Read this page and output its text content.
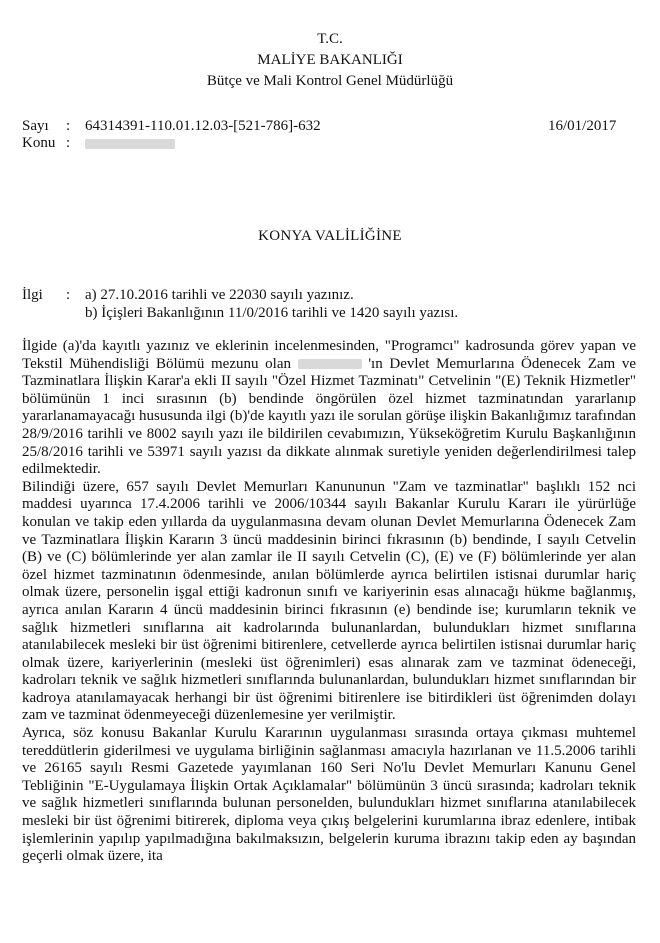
T.C.
MALİYE BAKANLIĞI
Bütçe ve Mali Kontrol Genel Müdürlüğü
Sayı : 64314391-110.01.12.03-[521-786]-632	16/01/2017
Konu :
KONYA VALİLİĞİNE
İlgi : a) 27.10.2016 tarihli ve 22030 sayılı yazınız.
b) İçişleri Bakanlığının 11/0/2016 tarihli ve 1420 sayılı yazısı.

İlgide (a)'da kayıtlı yazınız ve eklerinin incelenmesinden, "Programcı" kadrosunda görev yapan ve Tekstil Mühendisliği Bölümü mezunu olan	'ın Devlet Memurlarına Ödenecek Zam ve Tazminatlara İlişkin Karar'a ekli II sayılı "Özel Hizmet Tazminatı" Cetvelinin "(E) Teknik Hizmetler" bölümünün 1 inci sırasının (b) bendinde öngörülen özel hizmet tazminatından yararlanıp yararlanamayacağı hususunda ilgi (b)'de kayıtlı yazı ile sorulan görüşe ilişkin Bakanlığımız tarafından 28/9/2016 tarihli ve 8002 sayılı yazı ile bildirilen cevabımızın, Yükseköğretim Kurulu Başkanlığının 25/8/2016 tarihli ve 53971 sayılı yazısı da dikkate alınmak suretiyle yeniden değerlendirilmesi talep edilmektedir.

Bilindiği üzere, 657 sayılı Devlet Memurları Kanununun "Zam ve tazminatlar" başlıklı 152 nci maddesi uyarınca 17.4.2006 tarihli ve 2006/10344 sayılı Bakanlar Kurulu Kararı ile yürürlüğe konulan ve takip eden yıllarda da uygulanmasına devam olunan Devlet Memurlarına Ödenecek Zam ve Tazminatlara İlişkin Kararın 3 üncü maddesinin birinci fıkrasının (b) bendinde, I sayılı Cetvelin (B) ve (C) bölümlerinde yer alan zamlar ile II sayılı Cetvelin (C), (E) ve (F) bölümlerinde yer alan özel hizmet tazminatının ödenmesinde, anılan bölümlerde ayrıca belirtilen istisnai durumlar hariç olmak üzere, personelin işgal ettiği kadronun sınıfı ve kariyerinin esas alınacağı hükme bağlanmış, ayrıca anılan Kararın 4 üncü maddesinin birinci fıkrasının (e) bendinde ise; kurumların teknik ve sağlık hizmetleri sınıflarına ait kadrolarında bulunanlardan, bulundukları hizmet sınıflarına atanılabilecek mesleki bir üst öğrenimi bitirenlere, cetvellerde ayrıca belirtilen istisnai durumlar hariç olmak üzere, kariyerlerinin (mesleki üst öğrenimleri) esas alınarak zam ve tazminat ödeneceği, kadroları teknik ve sağlık hizmetleri sınıflarında bulunanlardan, bulundukları hizmet sınıflarından bir kadroya atanılamayacak herhangi bir üst öğrenimi bitirenlere ise bitirdikleri üst öğrenimden dolayı zam ve tazminat ödenmeyeceği düzenlemesine yer verilmiştir.

Ayrıca, söz konusu Bakanlar Kurulu Kararının uygulanması sırasında ortaya çıkması muhtemel tereddütlerin giderilmesi ve uygulama birliğinin sağlanması amacıyla hazırlanan ve 11.5.2006 tarihli ve 26165 sayılı Resmi Gazetede yayımlanan 160 Seri No'lu Devlet Memurları Kanunu Genel Tebliğinin "E-Uygulamaya İlişkin Ortak Açıklamalar" bölümünün 3 üncü sırasında; kadroları teknik ve sağlık hizmetleri sınıflarında bulunan personelden, bulundukları hizmet sınıflarına atanılabilecek mesleki bir üst öğrenimi bitirerek, diploma veya çıkış belgelerini kurumlarına ibraz edenlere, intibak işlemlerinin yapılıp yapılmadığına bakılmaksızın, belgelerin kuruma ibrazını takip eden ay başından geçerli olmak üzere, ita
